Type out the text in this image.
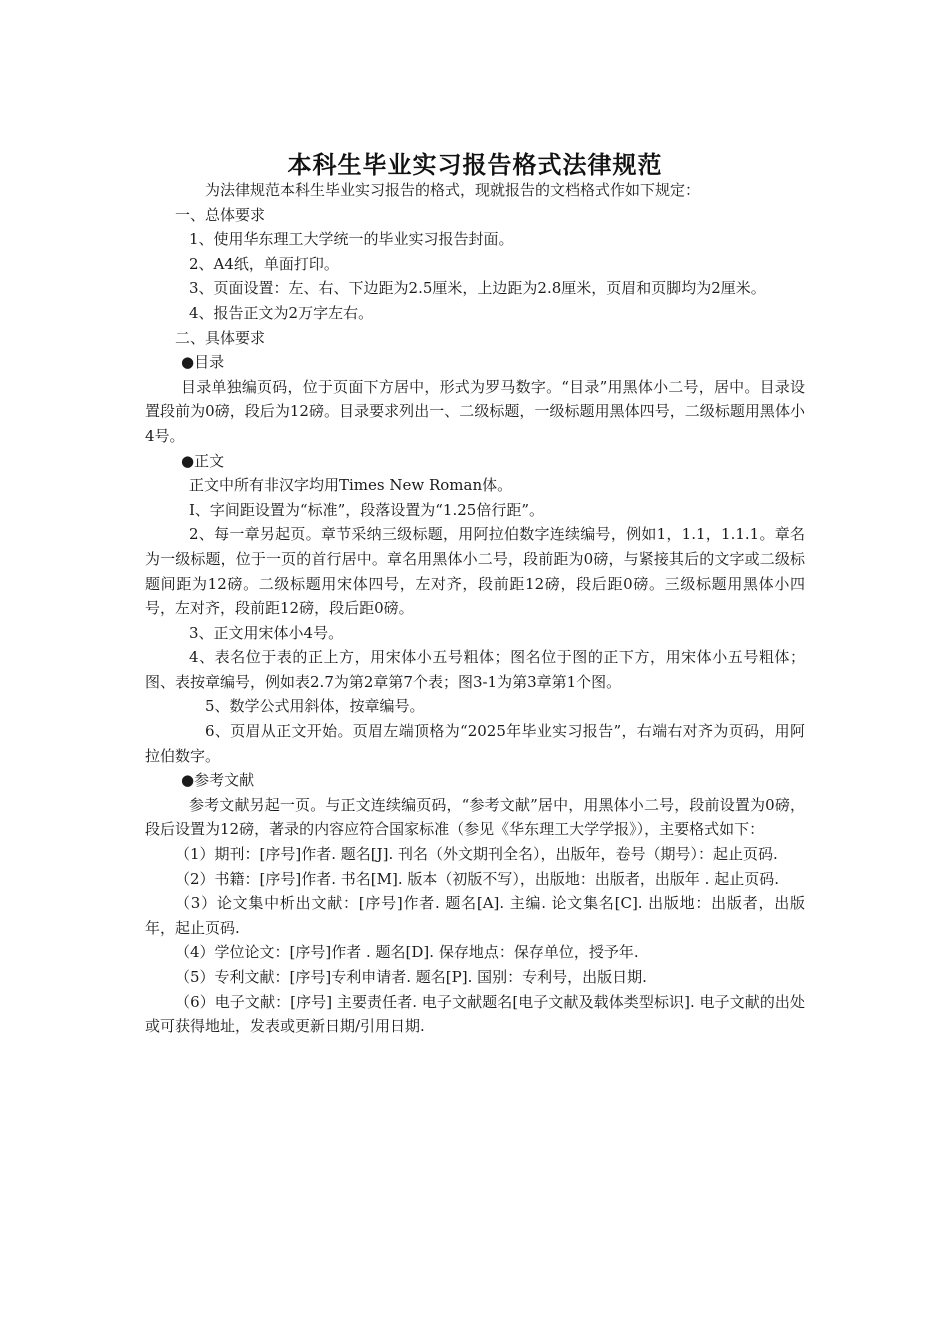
本科生毕业实习报告格式法律规范

为法律规范本科生毕业实习报告的格式，现就报告的文档格式作如下规定：

一、总体要求

1、使用华东理工大学统一的毕业实习报告封面。

2、A4纸，单面打印。

3、页面设置：左、右、下边距为2.5厘米，上边距为2.8厘米，页眉和页脚均为2厘米。

4、报告正文为2万字左右。

二、具体要求

●目录

目录单独编页码，位于页面下方居中，形式为罗马数字。“目录”用黑体小二号，居中。目录设置段前为0磅，段后为12磅。目录要求列出一、二级标题，一级标题用黑体四号，二级标题用黑体小4号。

●正文

正文中所有非汉字均用Times New Roman体。

I、字间距设置为“标准”，段落设置为“1.25倍行距”。

2、每一章另起页。章节采纳三级标题，用阿拉伯数字连续编号，例如1，1.1，1.1.1。章名为一级标题，位于一页的首行居中。章名用黑体小二号，段前距为0磅，与紧接其后的文字或二级标题间距为12磅。二级标题用宋体四号，左对齐，段前距12磅，段后距0磅。三级标题用黑体小四号，左对齐，段前距12磅，段后距0磅。

3、正文用宋体小4号。

4、表名位于表的正上方，用宋体小五号粗体；图名位于图的正下方，用宋体小五号粗体；图、表按章编号，例如表2.7为第2章第7个表；图3-1为第3章第1个图。

5、数学公式用斜体，按章编号。

6、页眉从正文开始。页眉左端顶格为“2025年毕业实习报告”，右端右对齐为页码，用阿拉伯数字。

●参考文献

参考文献另起一页。与正文连续编页码，“参考文献”居中，用黑体小二号，段前设置为0磅，段后设置为12磅，著录的内容应符合国家标准（参见《华东理工大学学报》），主要格式如下：

（1）期刊：[序号]作者. 题名[J]. 刊名（外文期刊全名），出版年，卷号（期号）：起止页码.

（2）书籍：[序号]作者. 书名[M]. 版本（初版不写），出版地：出版者，出版年 . 起止页码.

（3）论文集中析出文献：[序号]作者. 题名[A]. 主编. 论文集名[C]. 出版地：出版者，出版年，起止页码.

（4）学位论文：[序号]作者 . 题名[D]. 保存地点：保存单位，授予年.

（5）专利文献：[序号]专利申请者. 题名[P]. 国别：专利号，出版日期.

（6）电子文献：[序号] 主要责任者. 电子文献题名[电子文献及载体类型标识]. 电子文献的出处或可获得地址，发表或更新日期/引用日期.
